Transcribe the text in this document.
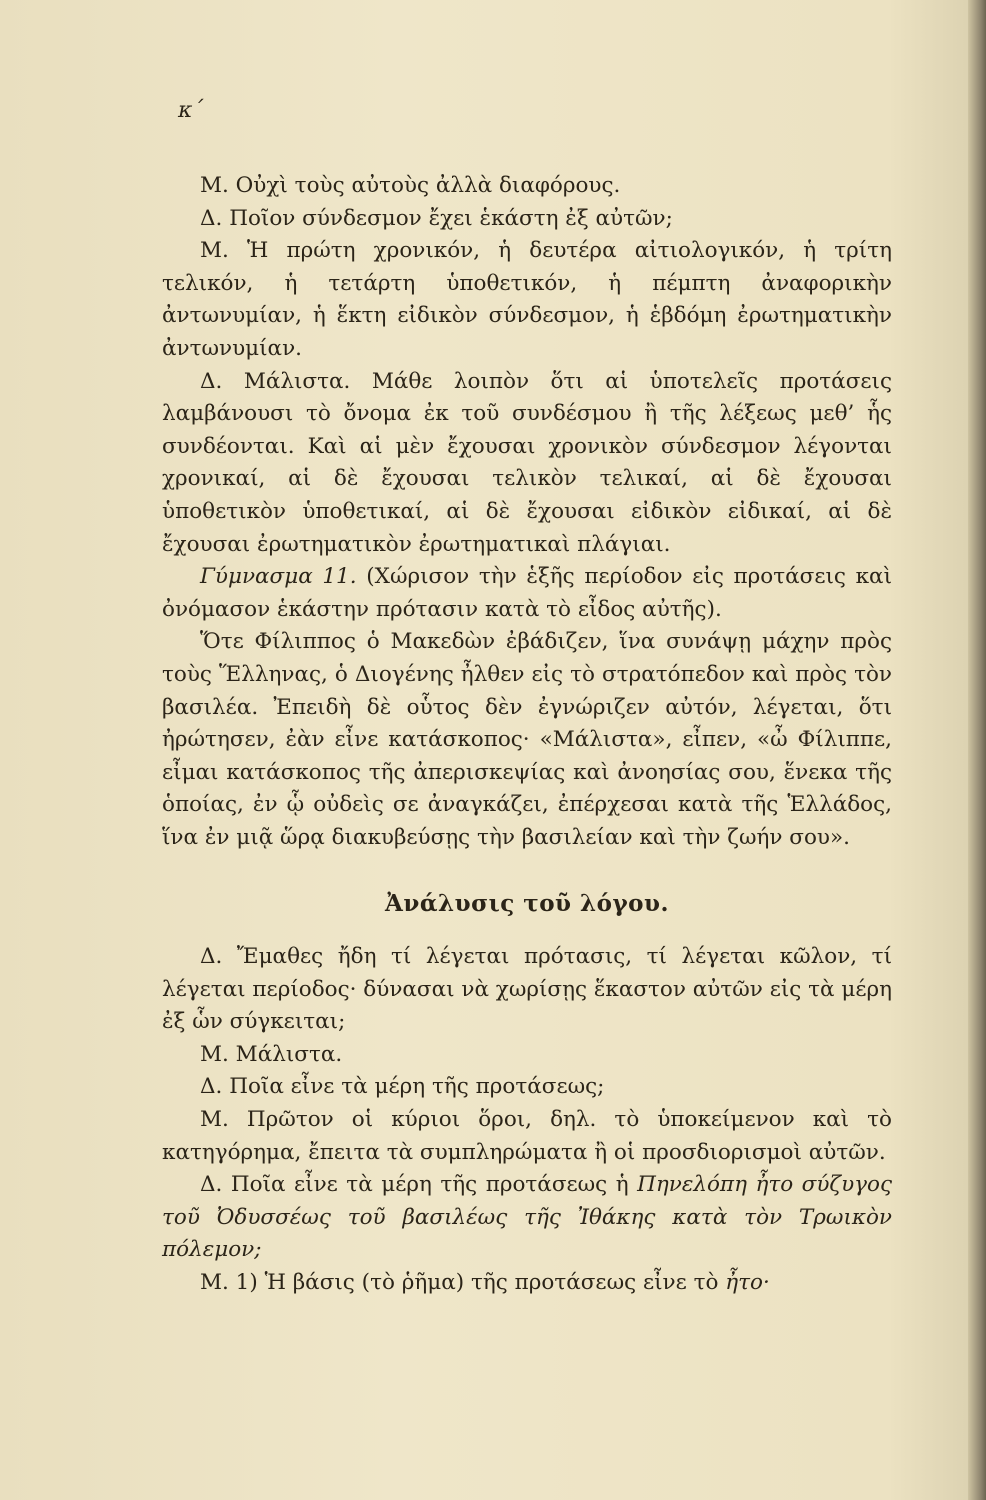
κ´

Μ. Οὐχὶ τοὺς αὐτοὺς ἀλλὰ διαφόρους.

Δ. Ποῖον σύνδεσμον ἔχει ἑκάστη ἐξ αὐτῶν;

Μ. Ἡ πρώτη χρονικόν, ἡ δευτέρα αἰτιολογικόν, ἡ τρίτη τελικόν, ἡ τετάρτη ὑποθετικόν, ἡ πέμπτη ἀναφορικὴν ἀντωνυμίαν, ἡ ἕκτη εἰδικὸν σύνδεσμον, ἡ ἑβδόμη ἐρωτηματικὴν ἀντωνυμίαν.

Δ. Μάλιστα. Μάθε λοιπὸν ὅτι αἱ ὑποτελεῖς προτάσεις λαμβάνουσι τὸ ὄνομα ἐκ τοῦ συνδέσμου ἢ τῆς λέξεως μεθ’ ἧς συνδέονται. Καὶ αἱ μὲν ἔχουσαι χρονικὸν σύνδεσμον λέγονται χρονικαί, αἱ δὲ ἔχουσαι τελικὸν τελικαί, αἱ δὲ ἔχουσαι ὑποθετικὸν ὑποθετικαί, αἱ δὲ ἔχουσαι εἰδικὸν εἰδικαί, αἱ δὲ ἔχουσαι ἐρωτηματικὸν ἐρωτηματικαὶ πλάγιαι.

Γύμνασμα 11. (Χώρισον τὴν ἑξῆς περίοδον εἰς προτάσεις καὶ ὀνόμασον ἑκάστην πρότασιν κατὰ τὸ εἶδος αὐτῆς).

Ὅτε Φίλιππος ὁ Μακεδὼν ἐβάδιζεν, ἵνα συνάψῃ μάχην πρὸς τοὺς Ἕλληνας, ὁ Διογένης ἦλθεν εἰς τὸ στρατόπεδον καὶ πρὸς τὸν βασιλέα. Ἐπειδὴ δὲ οὗτος δὲν ἐγνώριζεν αὐτόν, λέγεται, ὅτι ἠρώτησεν, ἐὰν εἶνε κατάσκοπος· «Μάλιστα», εἶπεν, «ὦ Φίλιππε, εἶμαι κατάσκοπος τῆς ἀπερισκεψίας καὶ ἀνοησίας σου, ἕνεκα τῆς ὁποίας, ἐν ᾧ οὐδεὶς σε ἀναγκάζει, ἐπέρχεσαι κατὰ τῆς Ἑλλάδος, ἵνα ἐν μιᾷ ὥρᾳ διακυβεύσῃς τὴν βασιλείαν καὶ τὴν ζωήν σου».

Ἀνάλυσις τοῦ λόγου.

Δ. Ἔμαθες ἤδη τί λέγεται πρότασις, τί λέγεται κῶλον, τί λέγεται περίοδος· δύνασαι νὰ χωρίσῃς ἕκαστον αὐτῶν εἰς τὰ μέρη ἐξ ὧν σύγκειται;

Μ. Μάλιστα.

Δ. Ποῖα εἶνε τὰ μέρη τῆς προτάσεως;

Μ. Πρῶτον οἱ κύριοι ὅροι, δηλ. τὸ ὑποκείμενον καὶ τὸ κατηγόρημα, ἔπειτα τὰ συμπληρώματα ἢ οἱ προσδιορισμοὶ αὐτῶν.

Δ. Ποῖα εἶνε τὰ μέρη τῆς προτάσεως ἡ Πηνελόπη ἦτο σύζυγος τοῦ Ὀδυσσέως τοῦ βασιλέως τῆς Ἰθάκης κατὰ τὸν Τρωικὸν πόλεμον;

Μ. 1) Ἡ βάσις (τὸ ῥῆμα) τῆς προτάσεως εἶνε τὸ ἦτο·
